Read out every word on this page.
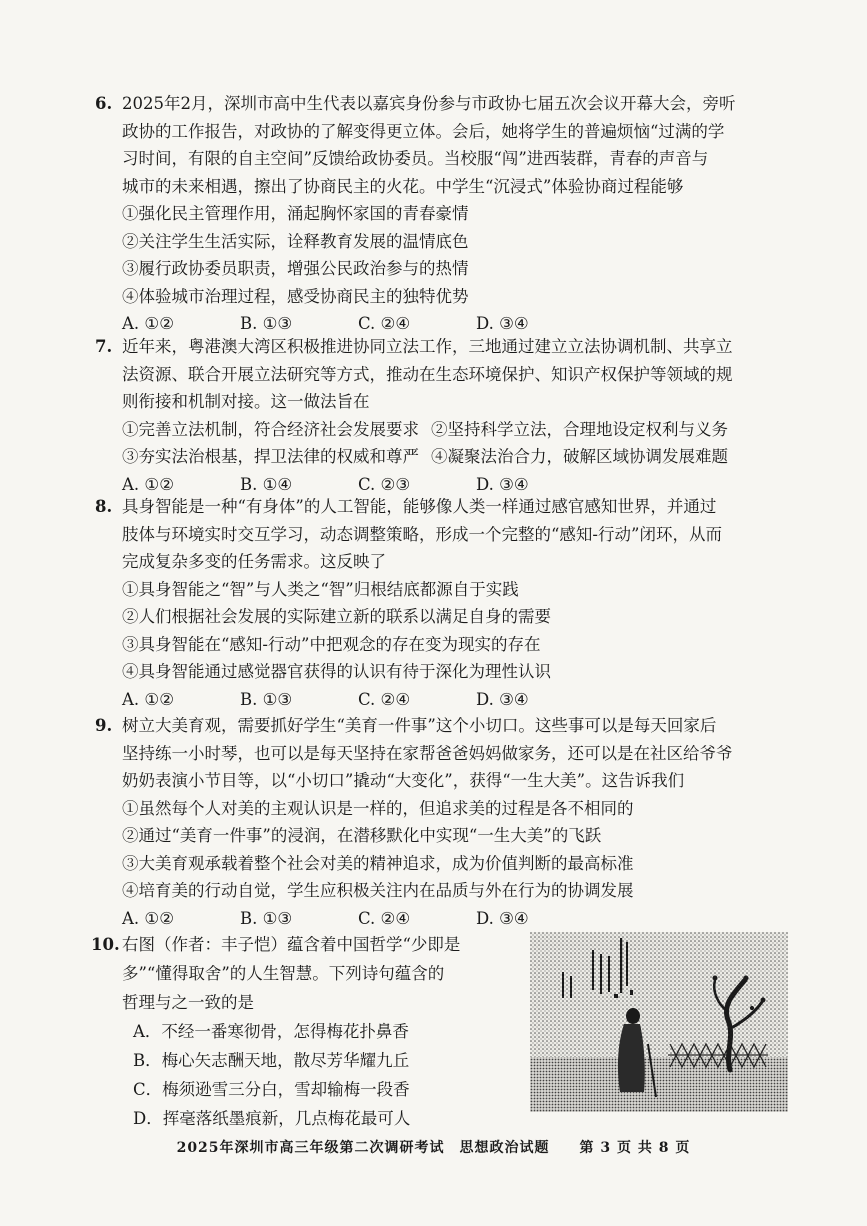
6. 2025年2月，深圳市高中生代表以嘉宾身份参与市政协七届五次会议开幕大会，旁听
政协的工作报告，对政协的了解变得更立体。会后，她将学生的普遍烦恼“过满的学
习时间，有限的自主空间”反馈给政协委员。当校服“闯”进西装群，青春的声音与
城市的未来相遇，擦出了协商民主的火花。中学生“沉浸式”体验协商过程能够
①强化民主管理作用，涌起胸怀家国的青春豪情
②关注学生生活实际，诠释教育发展的温情底色
③履行政协委员职责，增强公民政治参与的热情
④体验城市治理过程，感受协商民主的独特优势
A. ①②	B. ①③	C. ②④	D. ③④
7. 近年来，粤港澳大湾区积极推进协同立法工作，三地通过建立立法协调机制、共享立
法资源、联合开展立法研究等方式，推动在生态环境保护、知识产权保护等领域的规
则衔接和机制对接。这一做法旨在
①完善立法机制，符合经济社会发展要求 ②坚持科学立法，合理地设定权利与义务
③夯实法治根基，捍卫法律的权威和尊严 ④凝聚法治合力，破解区域协调发展难题
A. ①②	B. ①④	C. ②③	D. ③④
8. 具身智能是一种“有身体”的人工智能，能够像人类一样通过感官感知世界，并通过
肢体与环境实时交互学习，动态调整策略，形成一个完整的“感知-行动”闭环，从而
完成复杂多变的任务需求。这反映了
①具身智能之“智”与人类之“智”归根结底都源自于实践
②人们根据社会发展的实际建立新的联系以满足自身的需要
③具身智能在“感知-行动”中把观念的存在变为现实的存在
④具身智能通过感觉器官获得的认识有待于深化为理性认识
A. ①②	B. ①③	C. ②④	D. ③④
9. 树立大美育观，需要抓好学生“美育一件事”这个小切口。这些事可以是每天回家后
坚持练一小时琴，也可以是每天坚持在家帮爸爸妈妈做家务，还可以是在社区给爷爷
奶奶表演小节目等，以“小切口”撬动“大变化”，获得“一生大美”。这告诉我们
①虽然每个人对美的主观认识是一样的，但追求美的过程是各不相同的
②通过“美育一件事”的浸润，在潜移默化中实现“一生大美”的飞跃
③大美育观承载着整个社会对美的精神追求，成为价值判断的最高标准
④培育美的行动自觉，学生应积极关注内在品质与外在行为的协调发展
A. ①②	B. ①③	C. ②④	D. ③④
10. 右图（作者：丰子恺）蕴含着中国哲学“少即是
多”“懂得取舍”的人生智慧。下列诗句蕴含的
哲理与之一致的是
A．不经一番寒彻骨，怎得梅花扑鼻香
B．梅心矢志酬天地，散尽芳华耀九丘
C．梅须逊雪三分白，雪却输梅一段香
D．挥毫落纸墨痕新，几点梅花最可人
2025年深圳市高三年级第二次调研考试　思想政治试题　　第 3 页 共 8 页
